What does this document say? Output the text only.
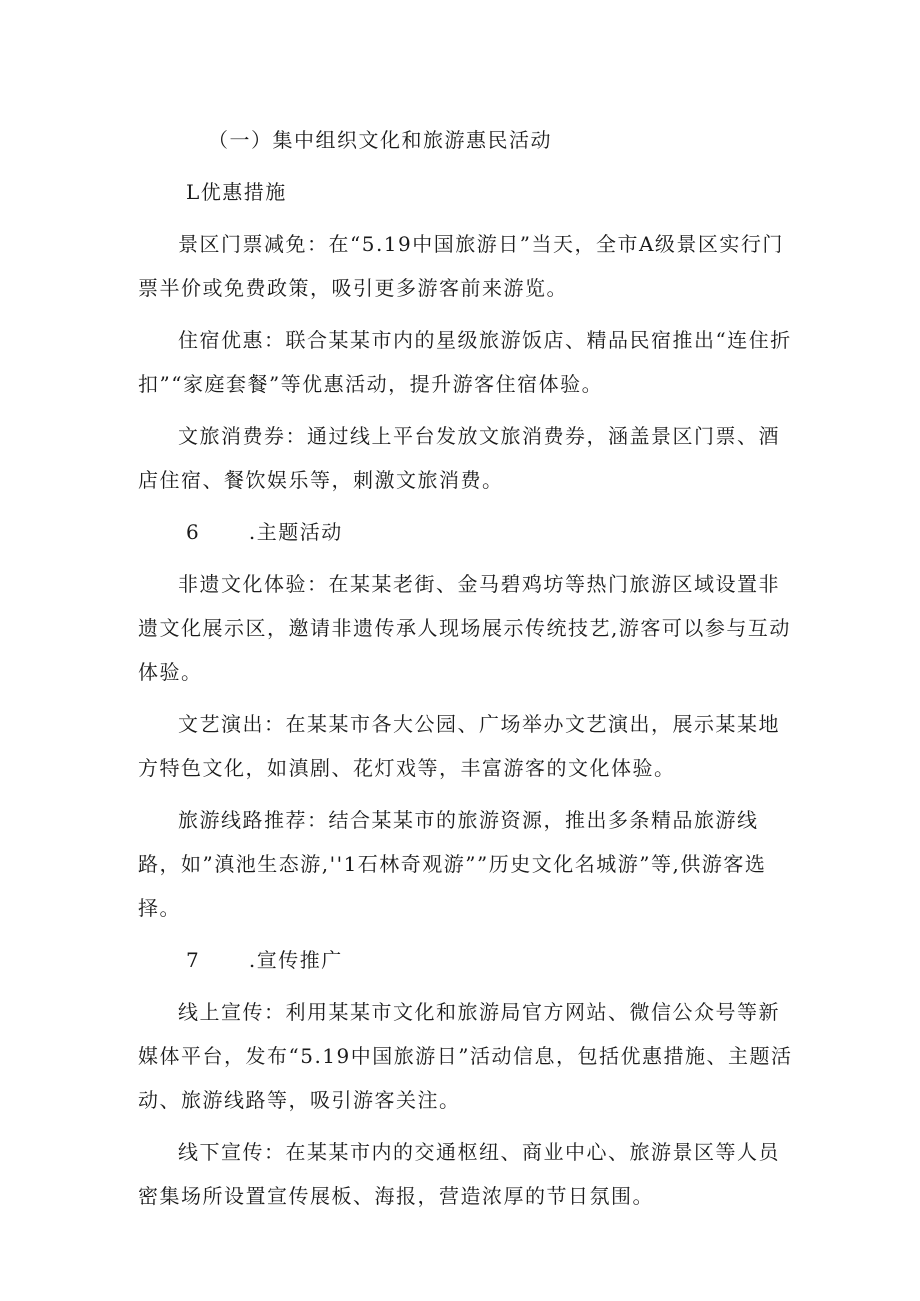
（一）集中组织文化和旅游惠民活动

L优惠措施

景区门票减免：在“5.19中国旅游日”当天，全市A级景区实行门票半价或免费政策，吸引更多游客前来游览。

住宿优惠：联合某某市内的星级旅游饭店、精品民宿推出“连住折扣”“家庭套餐”等优惠活动，提升游客住宿体验。

文旅消费券：通过线上平台发放文旅消费券，涵盖景区门票、酒店住宿、餐饮娱乐等，刺激文旅消费。

6	.主题活动

非遗文化体验：在某某老街、金马碧鸡坊等热门旅游区域设置非遗文化展示区，邀请非遗传承人现场展示传统技艺,游客可以参与互动体验。

文艺演出：在某某市各大公园、广场举办文艺演出，展示某某地方特色文化，如滇剧、花灯戏等，丰富游客的文化体验。

旅游线路推荐：结合某某市的旅游资源，推出多条精品旅游线路，如”滇池生态游,''1石林奇观游””历史文化名城游”等,供游客选择。

7	.宣传推广

线上宣传：利用某某市文化和旅游局官方网站、微信公众号等新媒体平台，发布“5.19中国旅游日”活动信息，包括优惠措施、主题活动、旅游线路等，吸引游客关注。

线下宣传：在某某市内的交通枢纽、商业中心、旅游景区等人员密集场所设置宣传展板、海报，营造浓厚的节日氛围。
